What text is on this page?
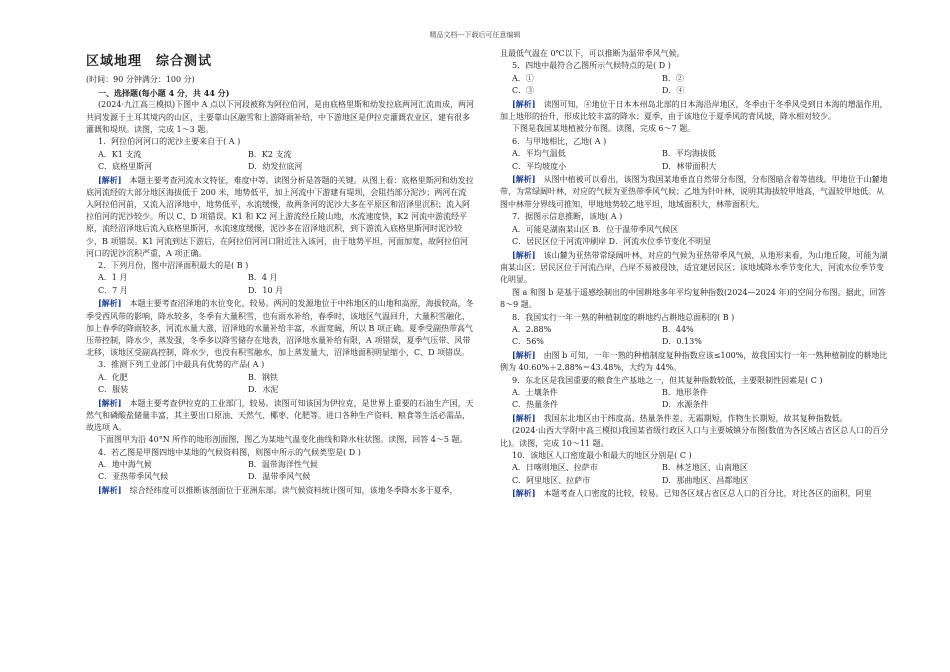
精品文档---下载后可任意编辑
区域地理 综合测试

(时间：90 分钟满分：100 分)

一、选择题(每小题 4 分，共 44 分)

(2024·九江高三模拟)下图中 A 点以下河段被称为阿拉伯河，是由底格里斯和幼发拉底两河汇流而成，两河共同发源于土耳其境内的山区，主要靠山区融雪和上游降雨补给，中下游地区是伊拉克灌溉农业区，建有很多灌溉和堤坝。读图，完成 1～3 题。

1．阿拉伯河河口的泥沙主要来自于( A )

A．K1 支流	B．K2 支流
C．底格里斯河	D．幼发拉底河

[解析]　 本题主要考查河流水文特征，难度中等。读图分析是答题的关键。从图上看：底格里斯河和幼发拉底河流经的大部分地区海拔低于 200 米，地势低平，加上河流中下游建有堤坝，会阻挡部分泥沙；两河在流入阿拉伯河前，又流入沼泽地中，地势低平，水流缓慢，故两条河的泥沙大多在平原区和沼泽里沉积；流入阿拉伯河的泥沙较少。所以 C、D 项错误。K1 和 K2 河上游流经丘陵山地，水流速度快，K2 河流中游流经平原，流经沼泽地后流入底格里斯河，水流速度缓慢，泥沙多在沼泽地沉积，到下游流入底格里斯河时泥沙较少，B 项错误。K1 河流到达下游后，在阿拉伯河河口附近注入该河，由于地势平坦，河面加宽，故阿拉伯河河口的泥沙沉积严重，A 项正确。

2．下列月份，图中沼泽面积最大的是( B )

A．1 月	B．4 月
C．7 月	D．10 月

[解析]　 本题主要考查沼泽地的水位变化，较易。两河的发源地位于中纬地区的山地和高原，海拔较高，冬季受西风带的影响，降水较多，冬季有大量积雪，也有雨水补给，春季时，该地区气温回升，大量积雪融化，加上春季的降雨较多，河流水量大涨，沼泽地的水量补给丰富，水面宽阔，所以 B 项正确。夏季受副热带高气压带控制，降水少，蒸发强，冬季多以降雪储存在地表，沼泽地水量补给有限，A 项错误，夏季气压带、风带北移，该地区受副高控制，降水少，也没有积雪融水，加上蒸发量大，沼泽地面积明显缩小，C、D 项错误。

3．推测下列工业部门中最具有优势的产品( A )

A．化肥	B．钢铁
C．服装	D．水泥

[解析]　 本题主要考查伊拉克的工业部门，较易。读图可知该国为伊拉克，是世界上重要的石油生产国，天然气和磷酸盐储量丰富，其主要出口原油、天然气、椰枣、化肥等。进口各种生产资料、粮食等生活必需品，故选项 A。

下面图甲为沿 40°N 所作的地形剖面图，图乙为某地气温变化曲线和降水柱状图。读图，回答 4～5 题。

4．若乙图是甲图四地中某地的气候资料图，则图中所示的气候类型是( D )

A．地中海气候	B．温带海洋性气候
C．亚热带季风气候	D．温带季风气候

[解析]　 综合经纬度可以推断该剖面位于亚洲东部。读气候资料统计图可知，该地冬季降水多于夏季，

且最低气温在 0℃以下，可以推断为温带季风气候。

5．四地中最符合乙图所示气候特点的是( D )

A．①	B．②
C．③	D．④

[解析]　 读图可知，④地位于日本本州岛北部的日本海沿岸地区，冬季由于冬季风受到日本海的增温作用，加上地形的抬升，形成比较丰富的降水；夏季，由于该地位于夏季风的背风坡，降水相对较少。

下图是我国某地植被分布图。读图，完成 6～7 题。

6．与甲地相比，乙地( A )

A．平均气温低	B．平均海拔低
C．平均坡度小	D．林带面积大

[解析]　 从图中植被可以看出，该图为我国某地垂直自然带分布图，分布图暗含着等值线。甲地位于山麓地带，为常绿阔叶林，对应的气候为亚热带季风气候；乙地为针叶林，说明其海拔较甲地高，气温较甲地低。从图中林带分界线可推知，甲地地势较乙地平坦，地域面积大，林带面积大。

7．据图示信息推断，该地( A )

A．可能是湖南某山区 B．位于温带季风气候区

C．居民区位于河流冲刷岸 D．河流水位季节变化不明显

[解析]　 该山麓为亚热带常绿阔叶林，对应的气候为亚热带季风气候，从地形来看，为山地丘陵，可能为湖南某山区；居民区位于河流凸岸，凸岸不易被侵蚀，适宜建居民区；该地域降水季节变化大，河流水位季节变化明显。

图 a 和图 b 是基于遥感绘制出的中国耕地多年平均复种指数(2024—2024 年)的空间分布图。据此，回答 8～9 题。

8．我国实行一年一熟的种植制度的耕地约占耕地总面积的( B )

A．2.88%	B．44%
C．56%	D．0.13%

[解析]　 由图 b 可知，一年一熟的种植制度复种指数应该≤100%，故我国实行一年一熟种植制度的耕地比例为 40.60%＋2.88%＝43.48%，大约为 44%。

9．东北区是我国重要的粮食生产基地之一，但其复种指数较低，主要限制性因素是( C )

A．土壤条件	B．地形条件
C．热量条件	D．水源条件

[解析]　 我国东北地区由于纬度高、热量条件差、无霜期短，作物生长期短，故其复种指数低。

(2024·山西大学附中高三模拟)我国某省级行政区人口与主要城镇分布图(数值为各区域占省区总人口的百分比)。读图，完成 10～11 题。

10．该地区人口密度最小和最大的地区分别是( C )

A．日喀则地区、拉萨市	B．林芝地区、山南地区
C．阿里地区、拉萨市	D．那曲地区、昌都地区

[解析]　 本题考查人口密度的比较，较易。已知各区域占省区总人口的百分比，对比各区的面积，阿里
